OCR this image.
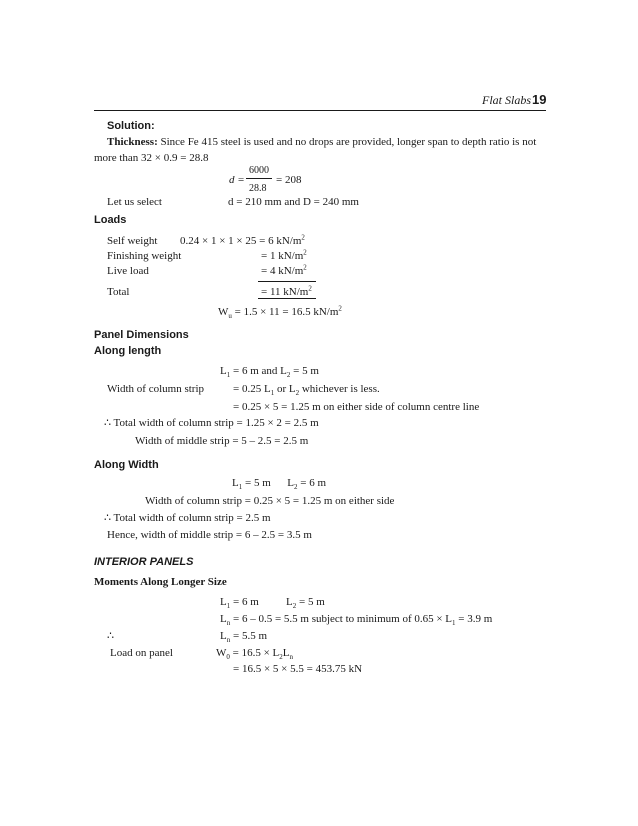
Flat Slabs 19
Solution:
Thickness: Since Fe 415 steel is used and no drops are provided, longer span to depth ratio is not
more than 32 × 0.9 = 28.8
d =
6000
28.8
= 208
Let us select	d = 210 mm and D = 240 mm
Loads
Self weight 0.24 × 1 × 1 × 25 = 6 $kN/m^2$
Finishing weight	= 1 $kN/m^2$
Live load	= 4 $kN/m^2$
Total	= 11 $kN/m^2$
$W_u = 1.5 \times 11 = 16.5$ $kN/m^2$
Panel Dimensions
Along length
$L_1 = 6$ m and $L_2 = 5$ m
Width of column strip	= 0.25 $L_1$ or $L_2$ whichever is less.
= 0.25 × 5 = 1.25 m on either side of column centre line
∴ Total width of column strip = 1.25 × 2 = 2.5 m
Width of middle strip = 5 – 2.5 = 2.5 m
Along Width
$L_1 = 5$ m      $L_2 = 6$ m
Width of column strip = 0.25 × 5 = 1.25 m on either side
∴ Total width of column strip = 2.5 m
Hence, width of middle strip = 6 – 2.5 = 3.5 m
INTERIOR PANELS
Moments Along Longer Size
$L_1 = 6$ m $L_2 = 5$ m
$L_n = 6 - 0.5 = 5.5$ m subject to minimum of $0.65 \times L_1 = 3.9$ m
∴	$L_n = 5.5$ m
Load on panel	$W_0 = 16.5 \times L_2L_n$
= 16.5 × 5 × 5.5 = 453.75 kN
